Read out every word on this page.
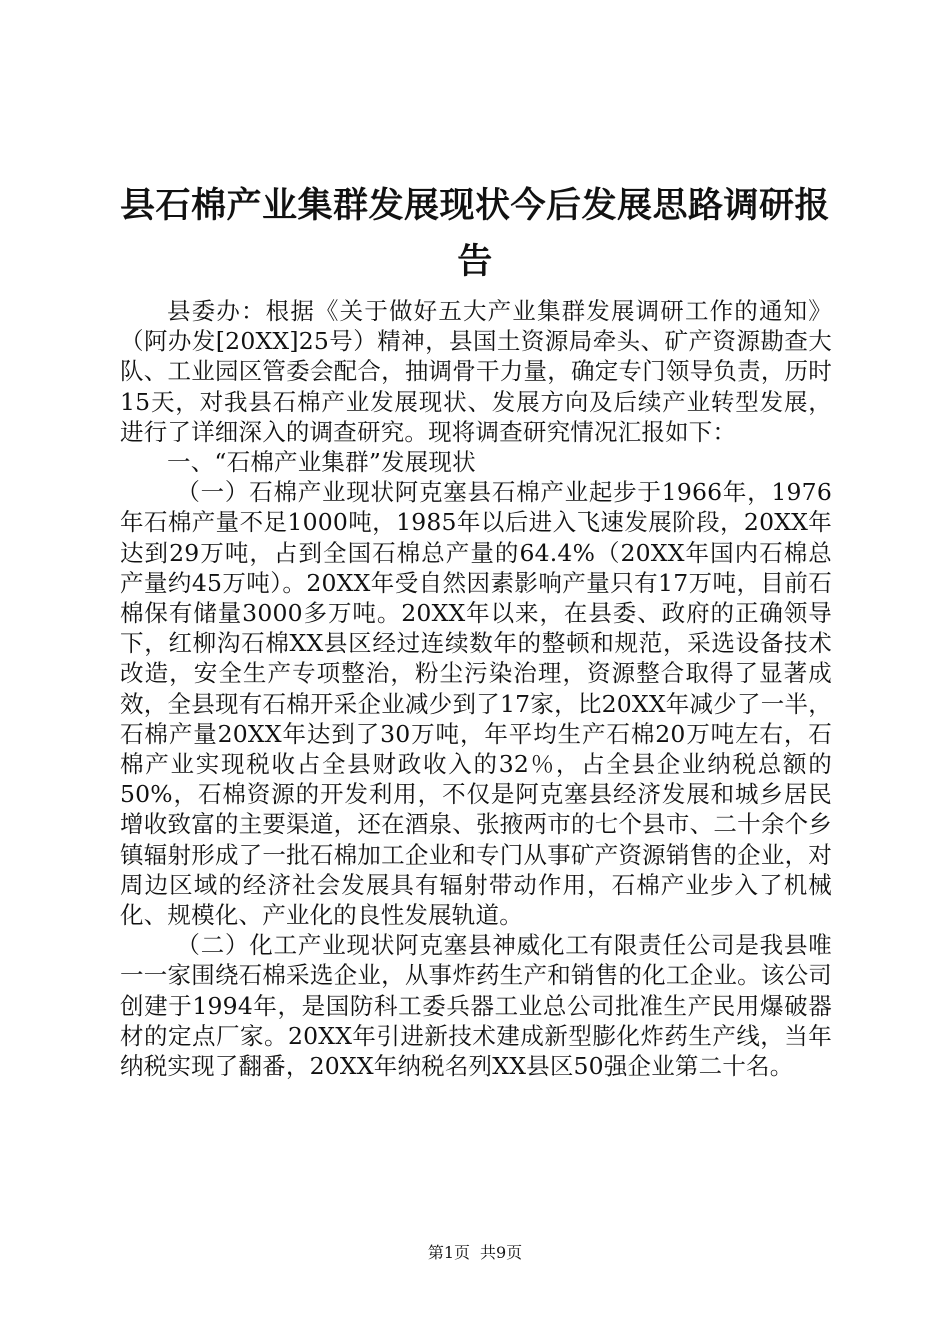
县石棉产业集群发展现状今后发展思路调研报告

县委办：根据《关于做好五大产业集群发展调研工作的通知》（阿办发[20XX]25号）精神，县国土资源局牵头、矿产资源勘查大队、工业园区管委会配合，抽调骨干力量，确定专门领导负责，历时15天，对我县石棉产业发展现状、发展方向及后续产业转型发展，进行了详细深入的调查研究。现将调查研究情况汇报如下：

一、“石棉产业集群”发展现状

（一）石棉产业现状阿克塞县石棉产业起步于1966年，1976年石棉产量不足1000吨，1985年以后进入飞速发展阶段，20XX年达到29万吨，占到全国石棉总产量的64.4%（20XX年国内石棉总产量约45万吨）。20XX年受自然因素影响产量只有17万吨，目前石棉保有储量3000多万吨。20XX年以来，在县委、政府的正确领导下，红柳沟石棉XX县区经过连续数年的整顿和规范，采选设备技术改造，安全生产专项整治，粉尘污染治理，资源整合取得了显著成效，全县现有石棉开采企业减少到了17家，比20XX年减少了一半，石棉产量20XX年达到了30万吨，年平均生产石棉20万吨左右，石棉产业实现税收占全县财政收入的32％，占全县企业纳税总额的50%，石棉资源的开发利用，不仅是阿克塞县经济发展和城乡居民增收致富的主要渠道，还在酒泉、张掖两市的七个县市、二十余个乡镇辐射形成了一批石棉加工企业和专门从事矿产资源销售的企业，对周边区域的经济社会发展具有辐射带动作用，石棉产业步入了机械化、规模化、产业化的良性发展轨道。

（二）化工产业现状阿克塞县神威化工有限责任公司是我县唯一一家围绕石棉采选企业，从事炸药生产和销售的化工企业。该公司创建于1994年，是国防科工委兵器工业总公司批准生产民用爆破器材的定点厂家。20XX年引进新技术建成新型膨化炸药生产线，当年纳税实现了翻番，20XX年纳税名列XX县区50强企业第二十名。

第1页 共9页
